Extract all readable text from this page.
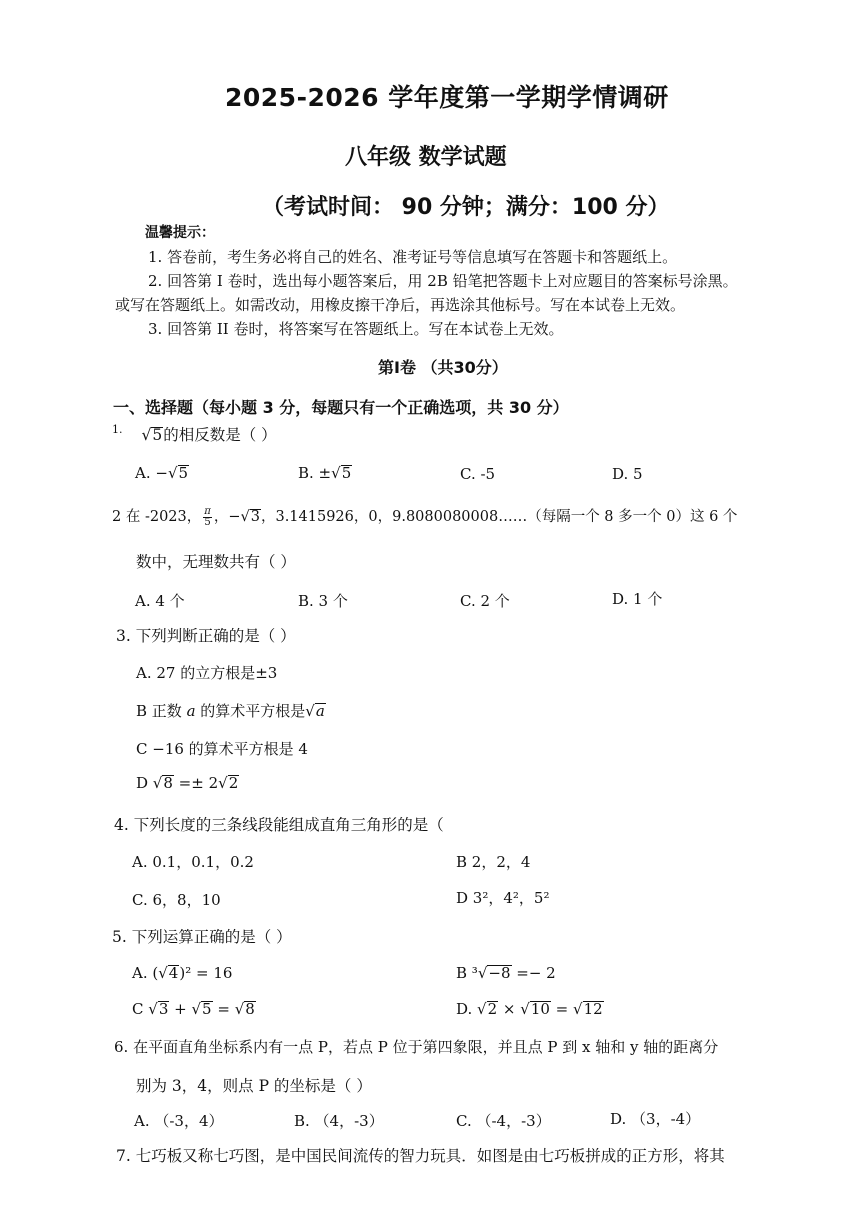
2025-2026 学年度第一学期学情调研
八年级 数学试题
（考试时间： 90 分钟；满分：100 分）
温馨提示：
1. 答卷前，考生务必将自己的姓名、准考证号等信息填写在答题卡和答题纸上。
2. 回答第 I 卷时，选出每小题答案后，用 2B 铅笔把答题卡上对应题目的答案标号涂黑。
或写在答题纸上。如需改动，用橡皮擦干净后，再选涂其他标号。写在本试卷上无效。
3. 回答第 II 卷时，将答案写在答题纸上。写在本试卷上无效。
第I卷 （共30分）
一、选择题（每小题 3 分，每题只有一个正确选项，共 30 分）
$^{1.}$ √5的相反数是（ ）
A. −√5	B. ±√5	C. -5	D. 5
2 在 -2023， $\frac{\pi}{5}$ ，−√3，3.1415926，0，9.8080080008……（每隔一个 8 多一个 0）这 6 个
数中，无理数共有（ ）
A. 4 个	B. 3 个	C. 2 个	D. 1 个
3. 下列判断正确的是（ ）
A. 27 的立方根是±3
B 正数 a 的算术平方根是√a
C −16 的算术平方根是 4
D √8 =± 2√2
4. 下列长度的三条线段能组成直角三角形的是（
A. 0.1，0.1，0.2	B 2，2，4
C. 6，8，10	D 3²，4²，5²
5. 下列运算正确的是（ ）
A. (√4)² = 16	B ³√−8 =− 2
C √3 + √5 = √8	D. √2 × √10 = √12
6. 在平面直角坐标系内有一点 P，若点 P 位于第四象限，并且点 P 到 x 轴和 y 轴的距离分
别为 3，4，则点 P 的坐标是（ ）
A. （-3，4）	B. （4，-3）	C. （-4，-3）	D. （3，-4）
7. 七巧板又称七巧图，是中国民间流传的智力玩具．如图是由七巧板拼成的正方形，将其
